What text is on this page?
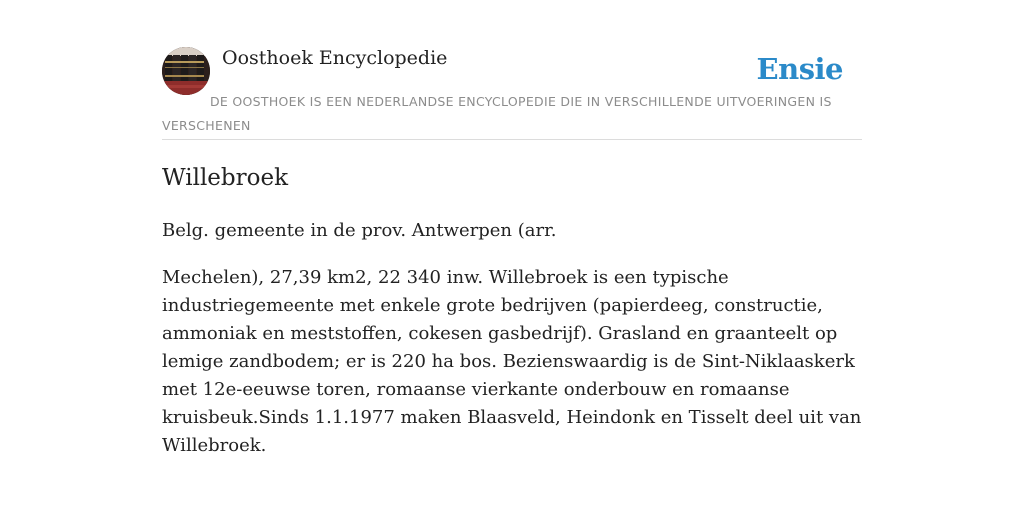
Oosthoek Encyclopedie	Ensie
DE OOSTHOEK IS EEN NEDERLANDSE ENCYCLOPEDIE DIE IN VERSCHILLENDE UITVOERINGEN IS VERSCHENEN
Willebroek

Belg. gemeente in de prov. Antwerpen (arr.

Mechelen), 27,39 km2, 22 340 inw. Willebroek is een typische industriegemeente met enkele grote bedrijven (papierdeeg, constructie, ammoniak en meststoffen, cokesen gasbedrijf). Grasland en graanteelt op lemige zandbodem; er is 220 ha bos. Bezienswaardig is de Sint-Niklaaskerk met 12e-eeuwse toren, romaanse vierkante onderbouw en romaanse kruisbeuk.Sinds 1.1.1977 maken Blaasveld, Heindonk en Tisselt deel uit van Willebroek.
